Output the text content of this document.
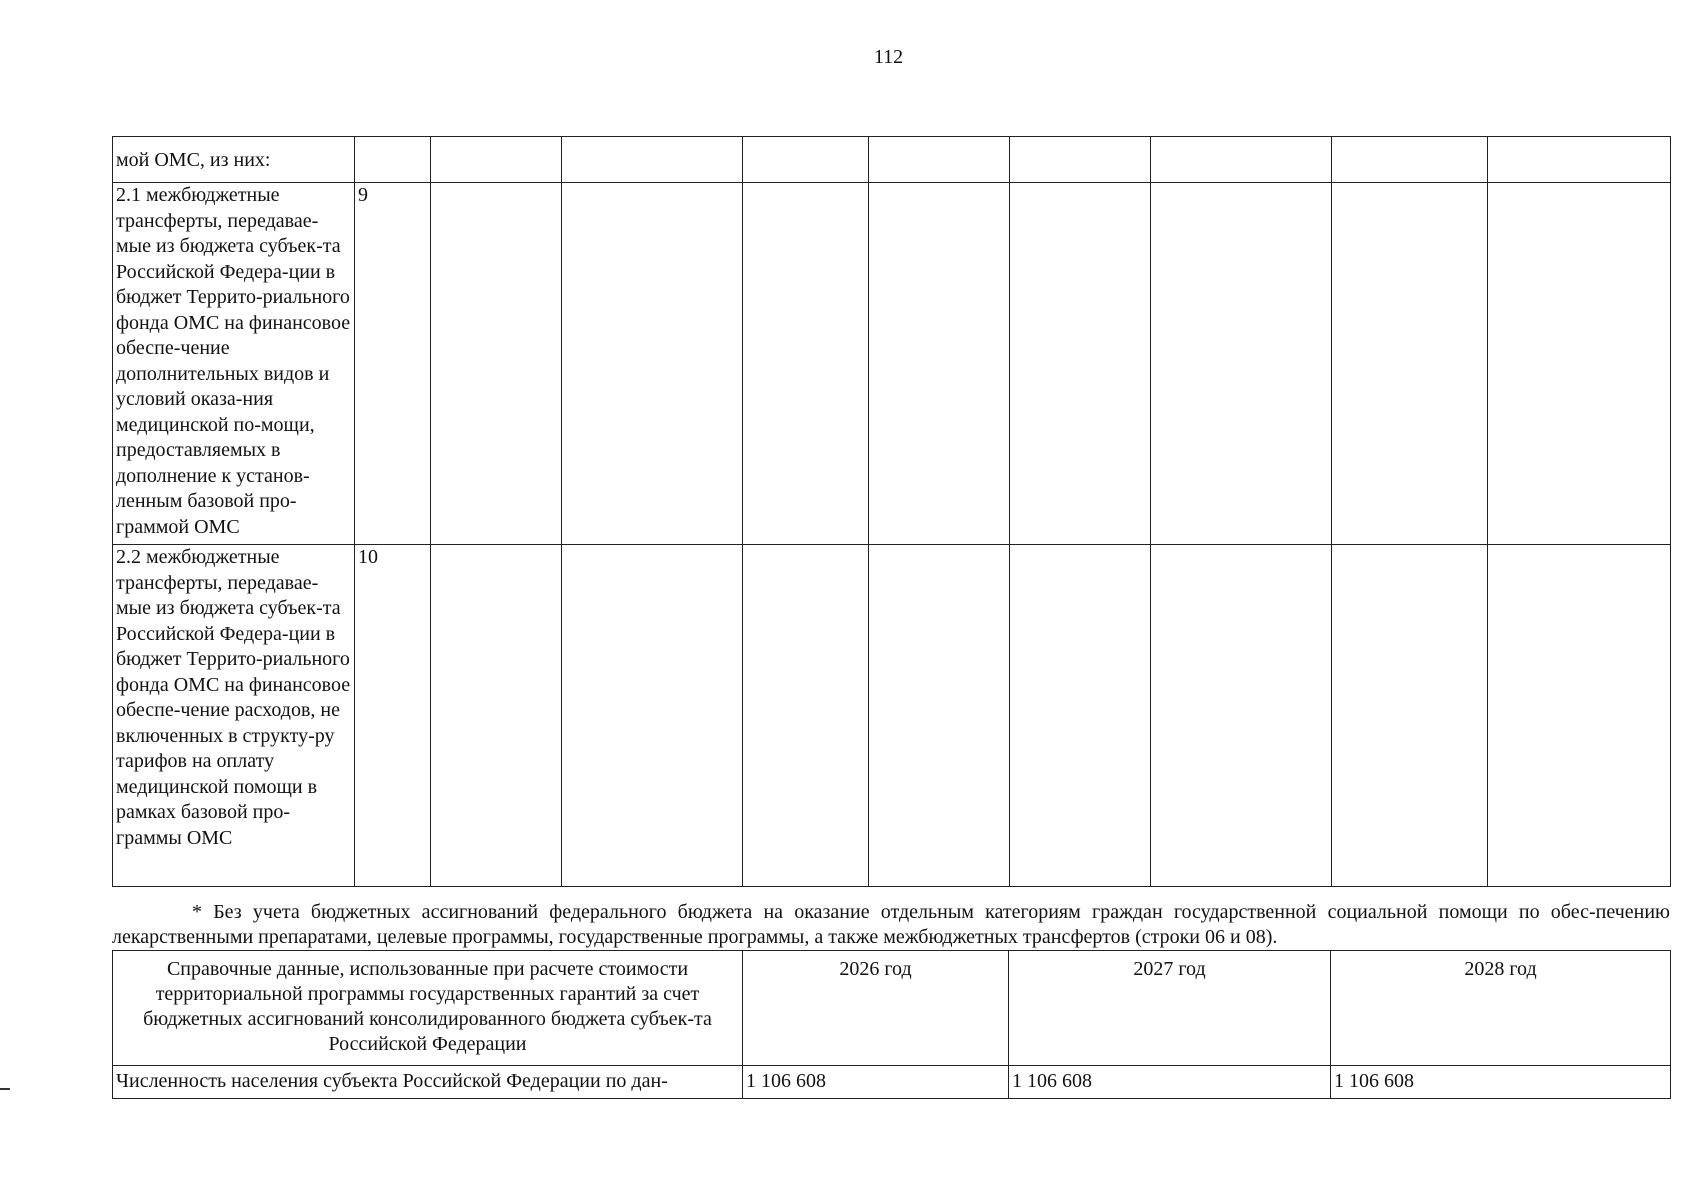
112
мой ОМС, из них:									
2.1 межбюджетные трансферты, передавае-мые из бюджета субъек-та Российской Федера-ции в бюджет Террито-риального фонда ОМС на финансовое обеспе-чение дополнительных видов и условий оказа-ния медицинской по-мощи, предоставляемых в дополнение к установ-ленным базовой про-граммой ОМС	9								
2.2 межбюджетные трансферты, передавае-мые из бюджета субъек-та Российской Федера-ции в бюджет Террито-риального фонда ОМС на финансовое обеспе-чение расходов, не включенных в структу-ру тарифов на оплату медицинской помощи в рамках базовой про-граммы ОМС	10								
* Без учета бюджетных ассигнований федерального бюджета на оказание отдельным категориям граждан государственной социальной помощи по обес-печению лекарственными препаратами, целевые программы, государственные программы, а также межбюджетных трансфертов (строки 06 и 08).
Справочные данные, использованные при расчете стоимости территориальной программы государственных гарантий за счет бюджетных ассигнований консолидированного бюджета субъек-та Российской Федерации	2026 год	2027 год	2028 год
Численность населения субъекта Российской Федерации по дан-	1 106 608	1 106 608	1 106 608
